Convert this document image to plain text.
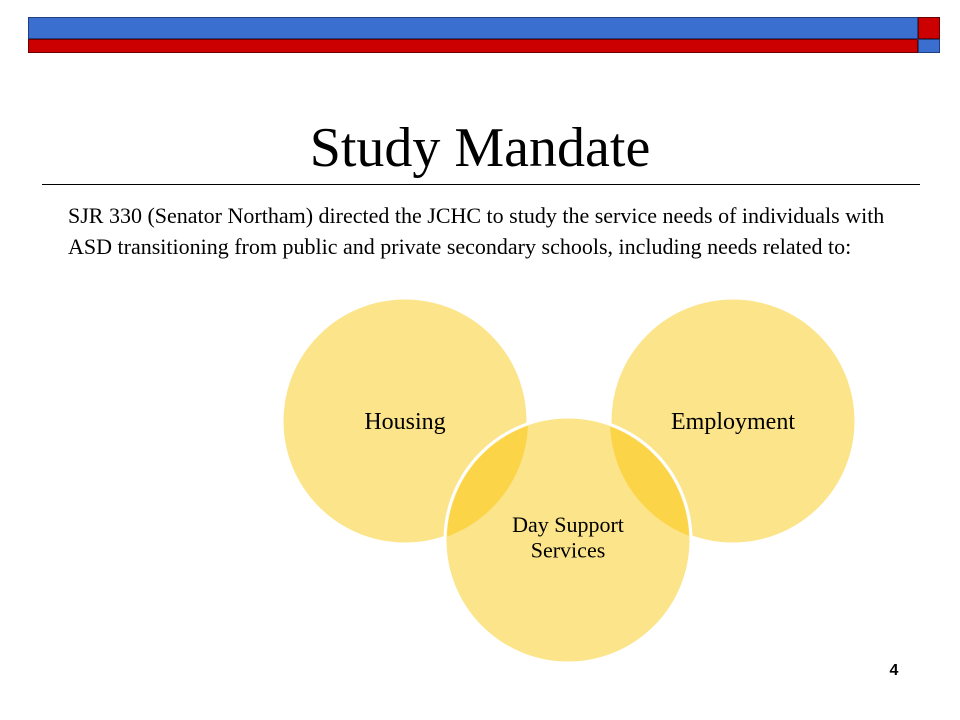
Study Mandate
SJR 330 (Senator Northam) directed the JCHC to study the service needs of individuals with ASD transitioning from public and private secondary schools, including needs related to:
Housing	Employment
Day Support Services
4
